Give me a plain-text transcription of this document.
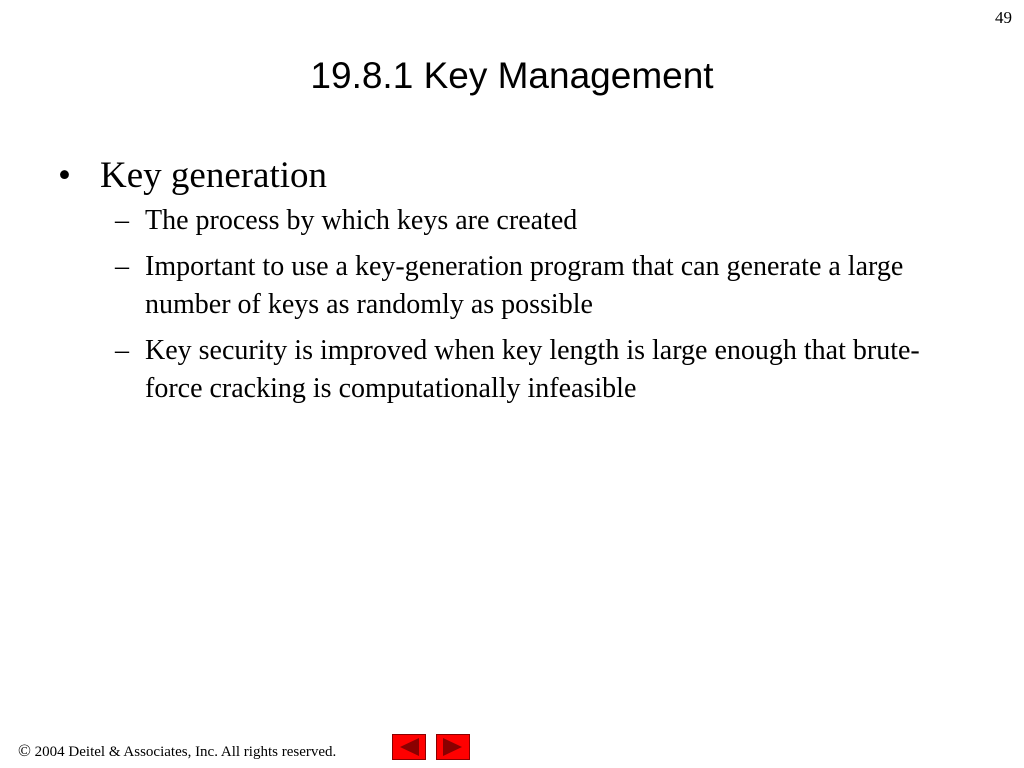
49
19.8.1 Key Management
• Key generation
– The process by which keys are created
– Important to use a key-generation program that can generate a large number of keys as randomly as possible
– Key security is improved when key length is large enough that brute-force cracking is computationally infeasible
© 2004 Deitel & Associates, Inc. All rights reserved.
